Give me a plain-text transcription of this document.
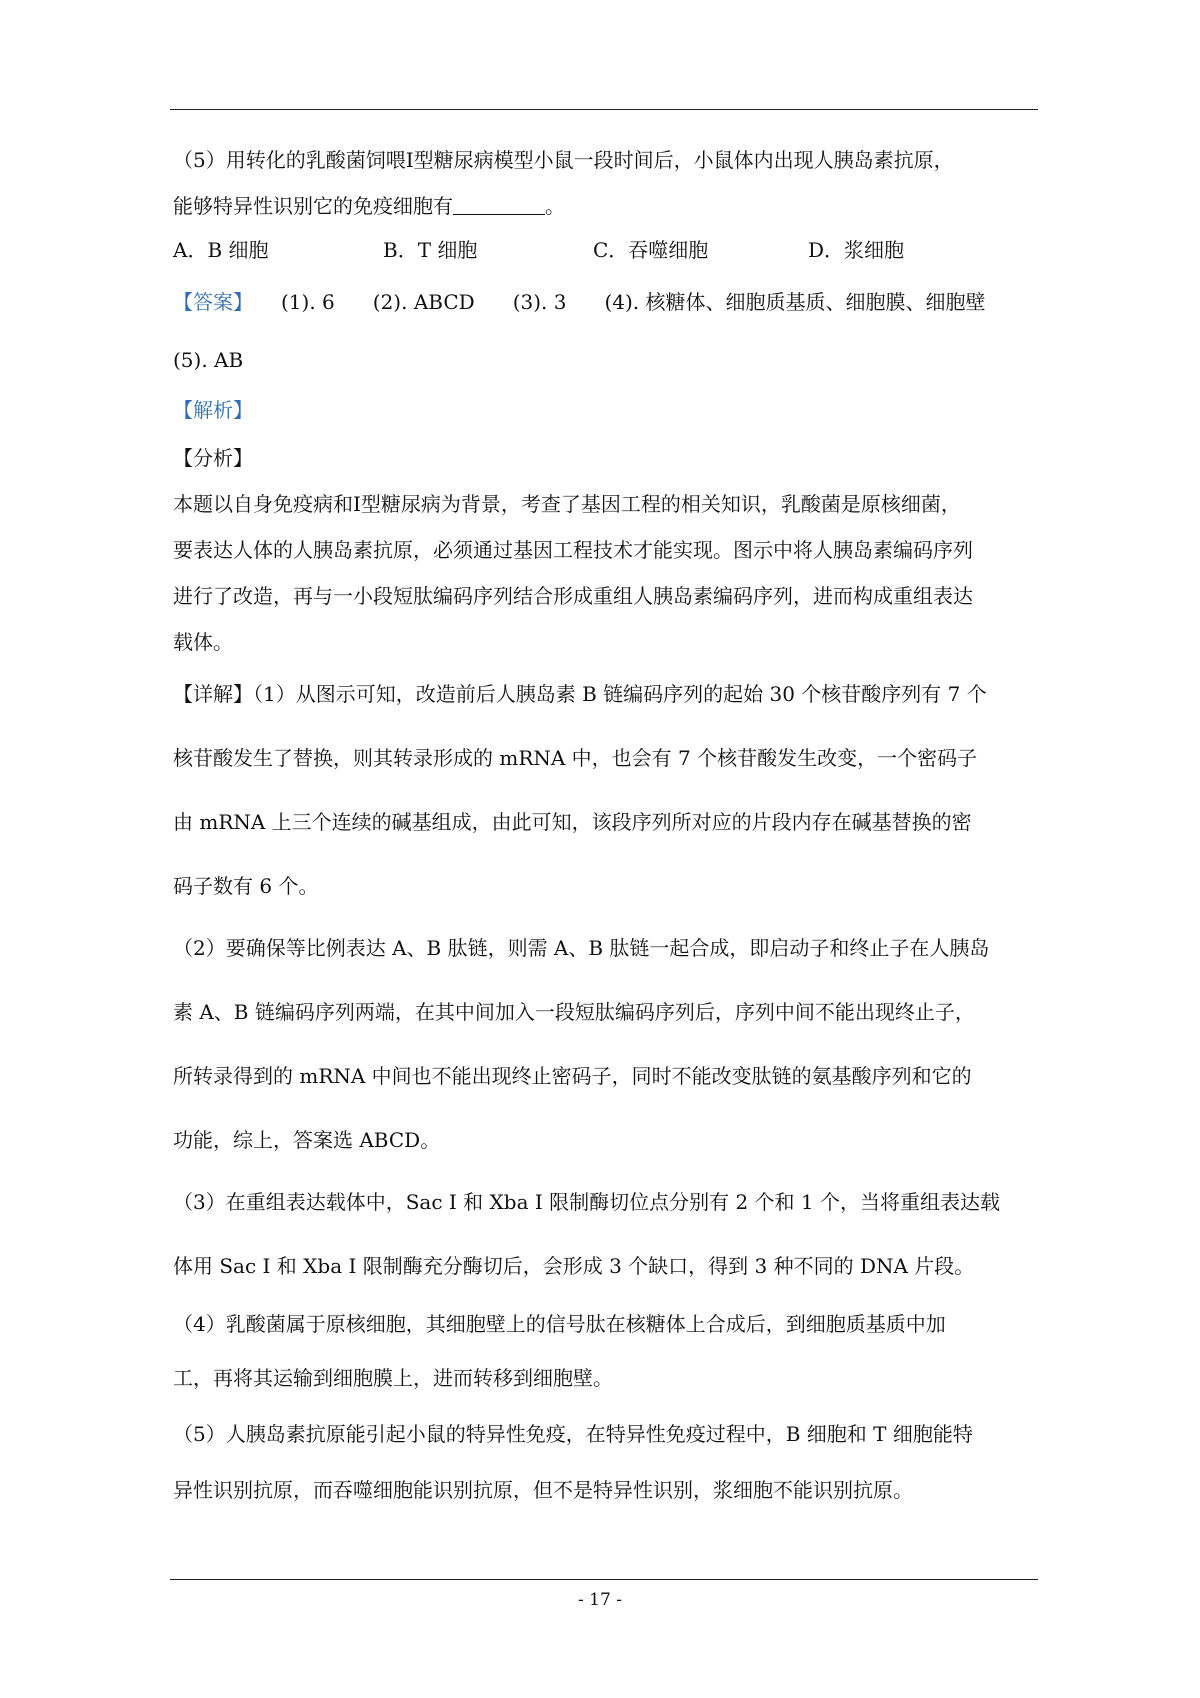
（5）用转化的乳酸菌饲喂Ⅰ型糖尿病模型小鼠一段时间后，小鼠体内出现人胰岛素抗原，
能够特异性识别它的免疫细胞有	。
A．B 细胞	B．T 细胞	C．吞噬细胞	D．浆细胞
【答案】	(1). 6 (2). ABCD (3). 3 (4). 核糖体、细胞质基质、细胞膜、细胞壁
(5). AB
【解析】
【分析】
本题以自身免疫病和Ⅰ型糖尿病为背景，考查了基因工程的相关知识，乳酸菌是原核细菌，
要表达人体的人胰岛素抗原，必须通过基因工程技术才能实现。图示中将人胰岛素编码序列
进行了改造，再与一小段短肽编码序列结合形成重组人胰岛素编码序列，进而构成重组表达
载体。
【详解】（1）从图示可知，改造前后人胰岛素 B 链编码序列的起始 30 个核苷酸序列有 7 个
核苷酸发生了替换，则其转录形成的 mRNA 中，也会有 7 个核苷酸发生改变，一个密码子
由 mRNA 上三个连续的碱基组成，由此可知，该段序列所对应的片段内存在碱基替换的密
码子数有 6 个。
（2）要确保等比例表达 A、B 肽链，则需 A、B 肽链一起合成，即启动子和终止子在人胰岛
素 A、B 链编码序列两端，在其中间加入一段短肽编码序列后，序列中间不能出现终止子，
所转录得到的 mRNA 中间也不能出现终止密码子，同时不能改变肽链的氨基酸序列和它的
功能，综上，答案选 ABCD。
（3）在重组表达载体中，Sac Ⅰ 和 Xba Ⅰ 限制酶切位点分别有 2 个和 1 个，当将重组表达载
体用 Sac Ⅰ 和 Xba Ⅰ 限制酶充分酶切后，会形成 3 个缺口，得到 3 种不同的 DNA 片段。
（4）乳酸菌属于原核细胞，其细胞壁上的信号肽在核糖体上合成后，到细胞质基质中加
工，再将其运输到细胞膜上，进而转移到细胞壁。
（5）人胰岛素抗原能引起小鼠的特异性免疫，在特异性免疫过程中，B 细胞和 T 细胞能特
异性识别抗原，而吞噬细胞能识别抗原，但不是特异性识别，浆细胞不能识别抗原。
- 17 -
